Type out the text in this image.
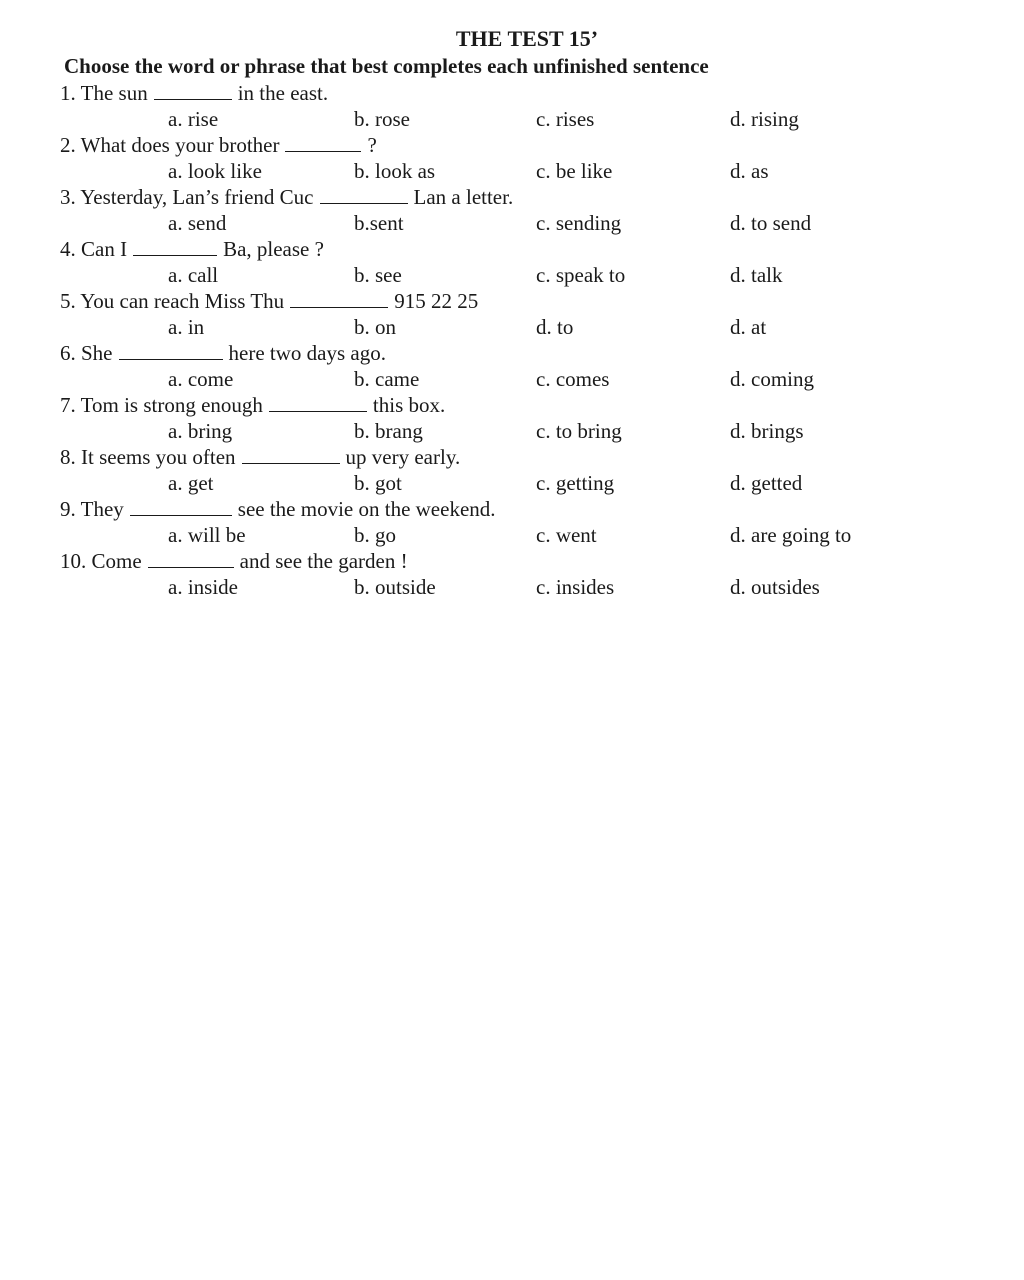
THE TEST 15’
Choose the word or phrase that best completes each unfinished sentence
1. The sun	in the east.
a. rise	b. rose	c. rises	d. rising
2. What does your brother	?
a. look like	b. look as	c. be like	d. as
3. Yesterday, Lan’s friend Cuc	Lan a letter.
a. send	b.sent	c. sending	d. to send
4. Can I	Ba, please ?
a. call	b. see	c. speak to	d. talk
5. You can reach Miss Thu	915 22 25
a. in	b. on	d. to	d. at
6. She	here two days ago.
a. come	b. came	c. comes	d. coming
7. Tom is strong enough	this box.
a. bring	b. brang	c. to bring	d. brings
8. It seems you often	up very early.
a. get	b. got	c. getting	d. getted
9. They	see the movie on the weekend.
a. will be	b. go	c. went	d. are going to
10. Come	and see the garden !
a. inside	b. outside	c. insides	d. outsides
